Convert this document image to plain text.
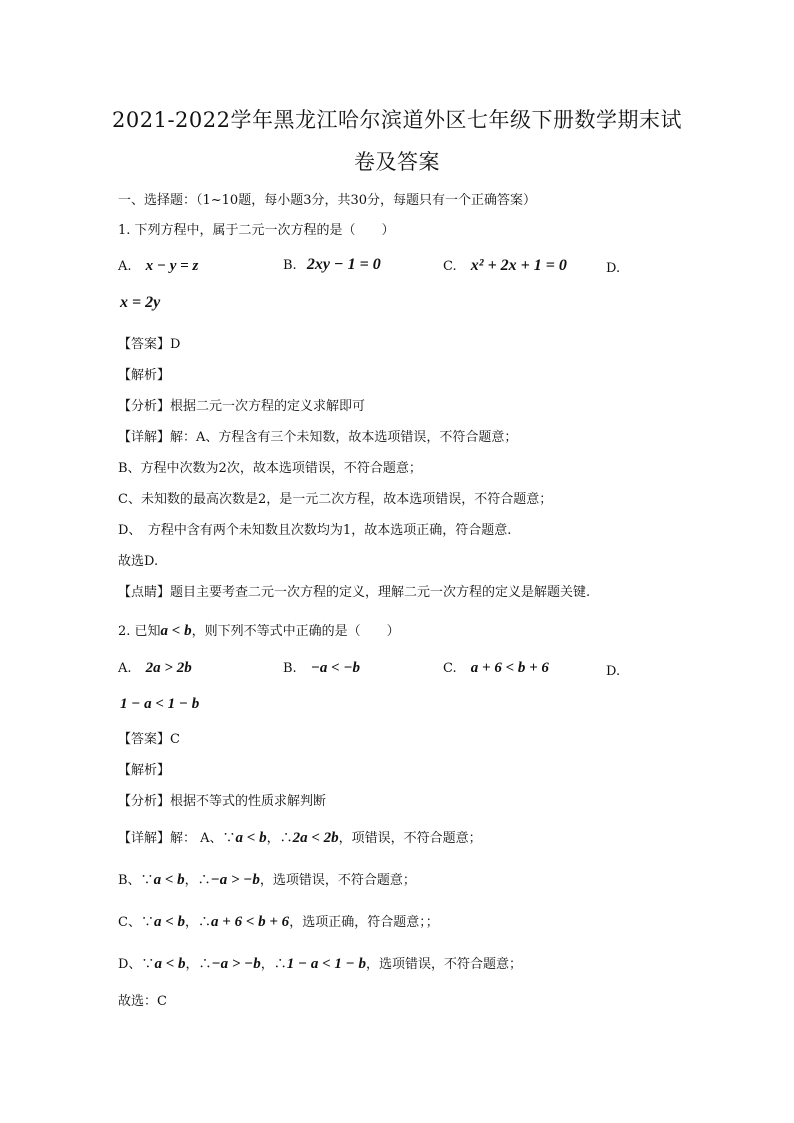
2021-2022学年黑龙江哈尔滨道外区七年级下册数学期末试
卷及答案
一、选择题：（1~10题，每小题3分，共30分，每题只有一个正确答案）
1. 下列方程中，属于二元一次方程的是（　　）
A. x − y = z	B. 2xy − 1 = 0	C. x² + 2x + 1 = 0	D.
x = 2y
【答案】D
【解析】
【分析】根据二元一次方程的定义求解即可
【详解】解：A、方程含有三个未知数，故本选项错误，不符合题意；
B、方程中次数为2次，故本选项错误，不符合题意；
C、未知数的最高次数是2，是一元二次方程，故本选项错误，不符合题意；
D、　方程中含有两个未知数且次数均为1，故本选项正确，符合题意.
故选D.
【点睛】题目主要考查二元一次方程的定义，理解二元一次方程的定义是解题关键.
2. 已知a < b，则下列不等式中正确的是（　　）
A. 2a > 2b	B. −a < −b	C. a + 6 < b + 6	D.
1 − a < 1 − b
【答案】C
【解析】
【分析】根据不等式的性质求解判断
【详解】解： A、∵a < b，∴2a < 2b，项错误，不符合题意；
B、∵a < b，∴−a > −b，选项错误，不符合题意；
C、∵a < b，∴a + 6 < b + 6，选项正确，符合题意；；
D、∵a < b，∴−a > −b，∴1 − a < 1 − b，选项错误，不符合题意；
故选：C
